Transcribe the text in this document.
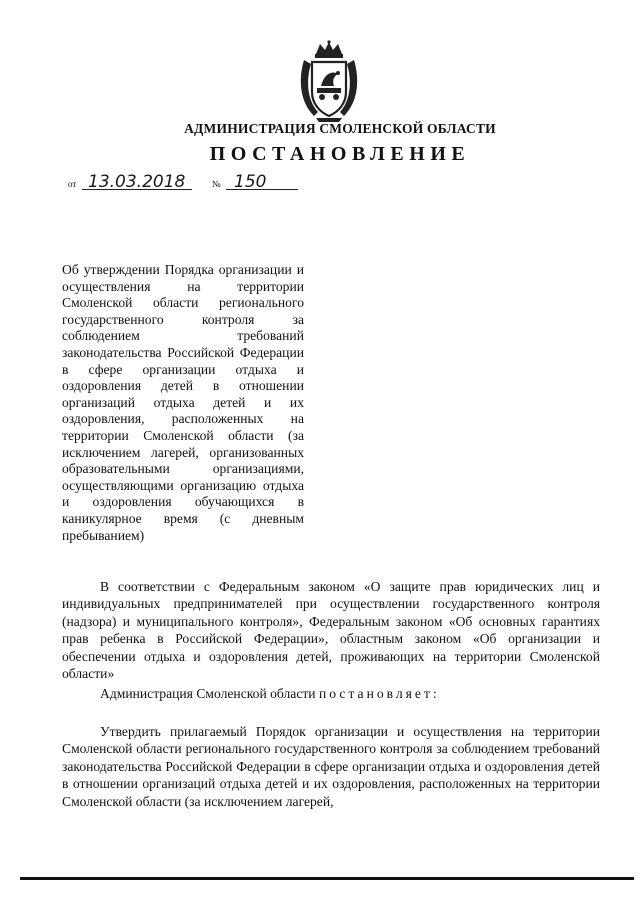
АДМИНИСТРАЦИЯ СМОЛЕНСКОЙ ОБЛАСТИ
ПОСТАНОВЛЕНИЕ
от 13.03.2018	№ 150
Об утверждении Порядка организации и осуществления на территории Смоленской области регионального государственного контроля за соблюдением требований законодательства Российской Федерации в сфере организации отдыха и оздоровления детей в отношении организаций отдыха детей и их оздоровления, расположенных на территории Смоленской области (за исключением лагерей, организованных образовательными организациями, осуществляющими организацию отдыха и оздоровления обучающихся в каникулярное время (с дневным пребыванием)

В соответствии с Федеральным законом «О защите прав юридических лиц и индивидуальных предпринимателей при осуществлении государственного контроля (надзора) и муниципального контроля», Федеральным законом «Об основных гарантиях прав ребенка в Российской Федерации», областным законом «Об организации и обеспечении отдыха и оздоровления детей, проживающих на территории Смоленской области»

Администрация Смоленской области постановляет:

Утвердить прилагаемый Порядок организации и осуществления на территории Смоленской области регионального государственного контроля за соблюдением требований законодательства Российской Федерации в сфере организации отдыха и оздоровления детей в отношении организаций отдыха детей и их оздоровления, расположенных на территории Смоленской области (за исключением лагерей,
